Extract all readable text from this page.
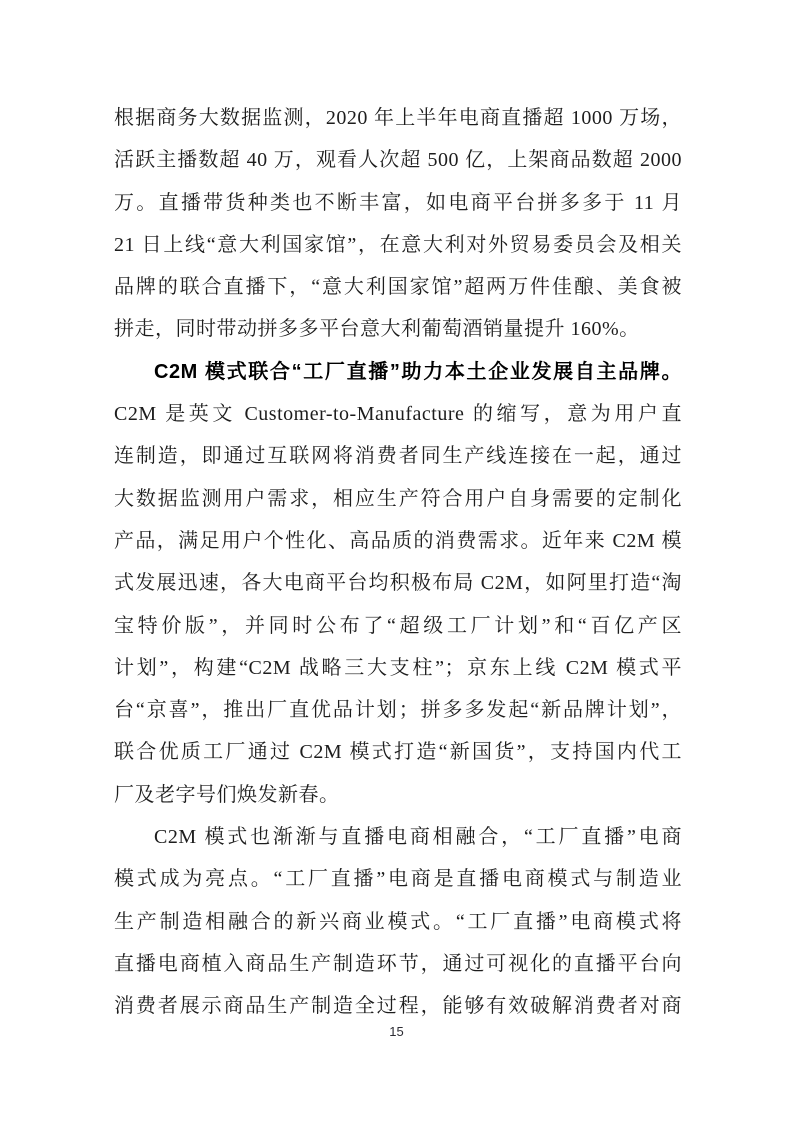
根据商务大数据监测，2020 年上半年电商直播超 1000 万场，
活跃主播数超 40 万，观看人次超 500 亿，上架商品数超 2000
万。直播带货种类也不断丰富，如电商平台拼多多于 11 月
21 日上线“意大利国家馆”，在意大利对外贸易委员会及相关
品牌的联合直播下，“意大利国家馆”超两万件佳酿、美食被
拼走，同时带动拼多多平台意大利葡萄酒销量提升 160%。
C2M 模式联合“工厂直播”助力本土企业发展自主品牌。
C2M 是英文 Customer-to-Manufacture 的缩写，意为用户直
连制造，即通过互联网将消费者同生产线连接在一起，通过
大数据监测用户需求，相应生产符合用户自身需要的定制化
产品，满足用户个性化、高品质的消费需求。近年来 C2M 模
式发展迅速，各大电商平台均积极布局 C2M，如阿里打造“淘
宝特价版”，并同时公布了“超级工厂计划”和“百亿产区
计划”，构建“C2M 战略三大支柱”；京东上线 C2M 模式平
台“京喜”，推出厂直优品计划；拼多多发起“新品牌计划”，
联合优质工厂通过 C2M 模式打造“新国货”，支持国内代工
厂及老字号们焕发新春。
C2M 模式也渐渐与直播电商相融合，“工厂直播”电商
模式成为亮点。“工厂直播”电商是直播电商模式与制造业
生产制造相融合的新兴商业模式。“工厂直播”电商模式将
直播电商植入商品生产制造环节，通过可视化的直播平台向
消费者展示商品生产制造全过程，能够有效破解消费者对商
15
